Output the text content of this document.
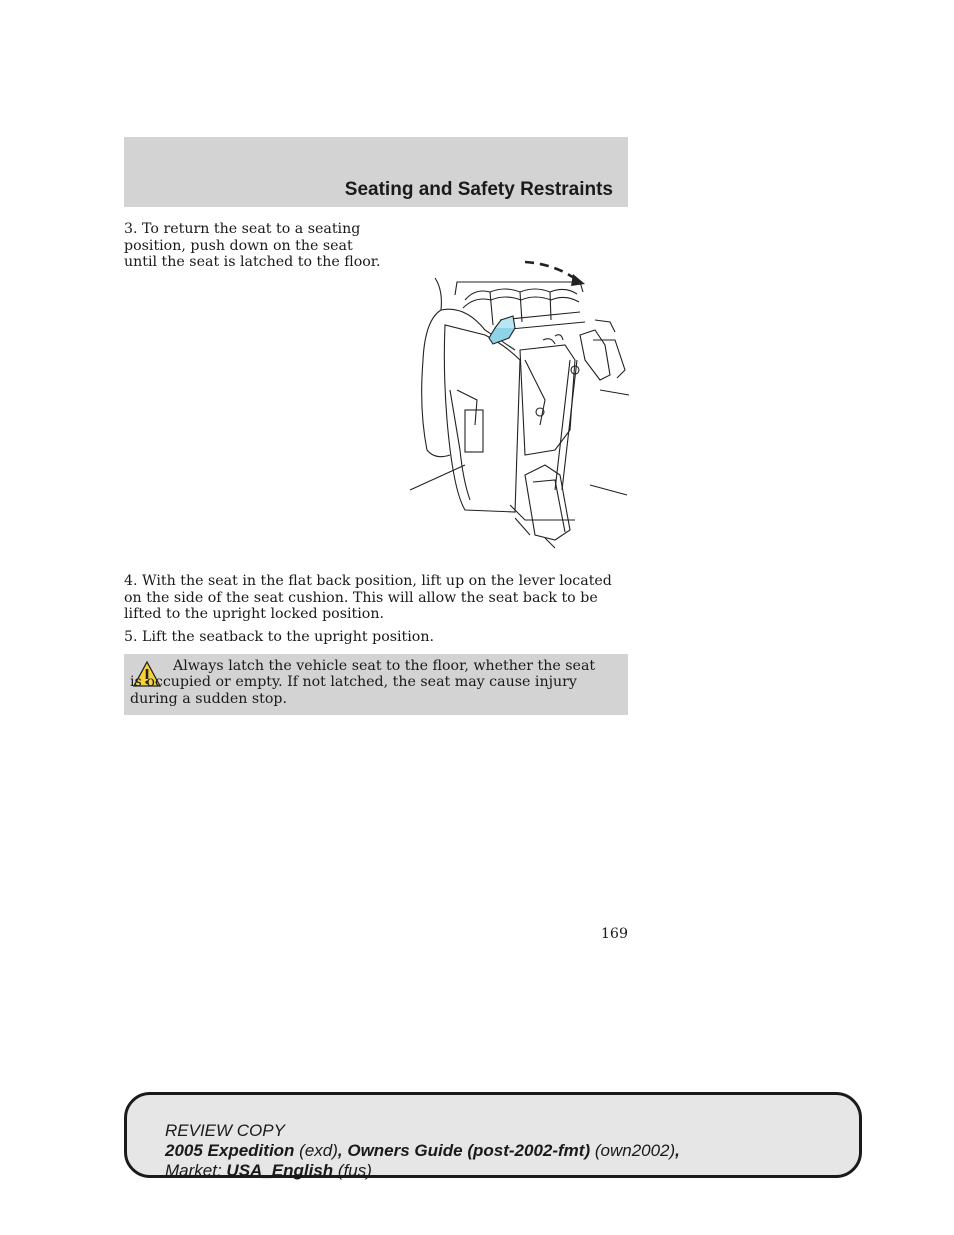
Seating and Safety Restraints

3. To return the seat to a seating position, push down on the seat until the seat is latched to the floor.

4. With the seat in the flat back position, lift up on the lever located on the side of the seat cushion. This will allow the seat back to be lifted to the upright locked position.

5. Lift the seatback to the upright position.

Always latch the vehicle seat to the floor, whether the seat is occupied or empty. If not latched, the seat may cause injury during a sudden stop.

169

REVIEW COPY
2005 Expedition (exd), Owners Guide (post-2002-fmt) (own2002),
Market: USA_English (fus)
